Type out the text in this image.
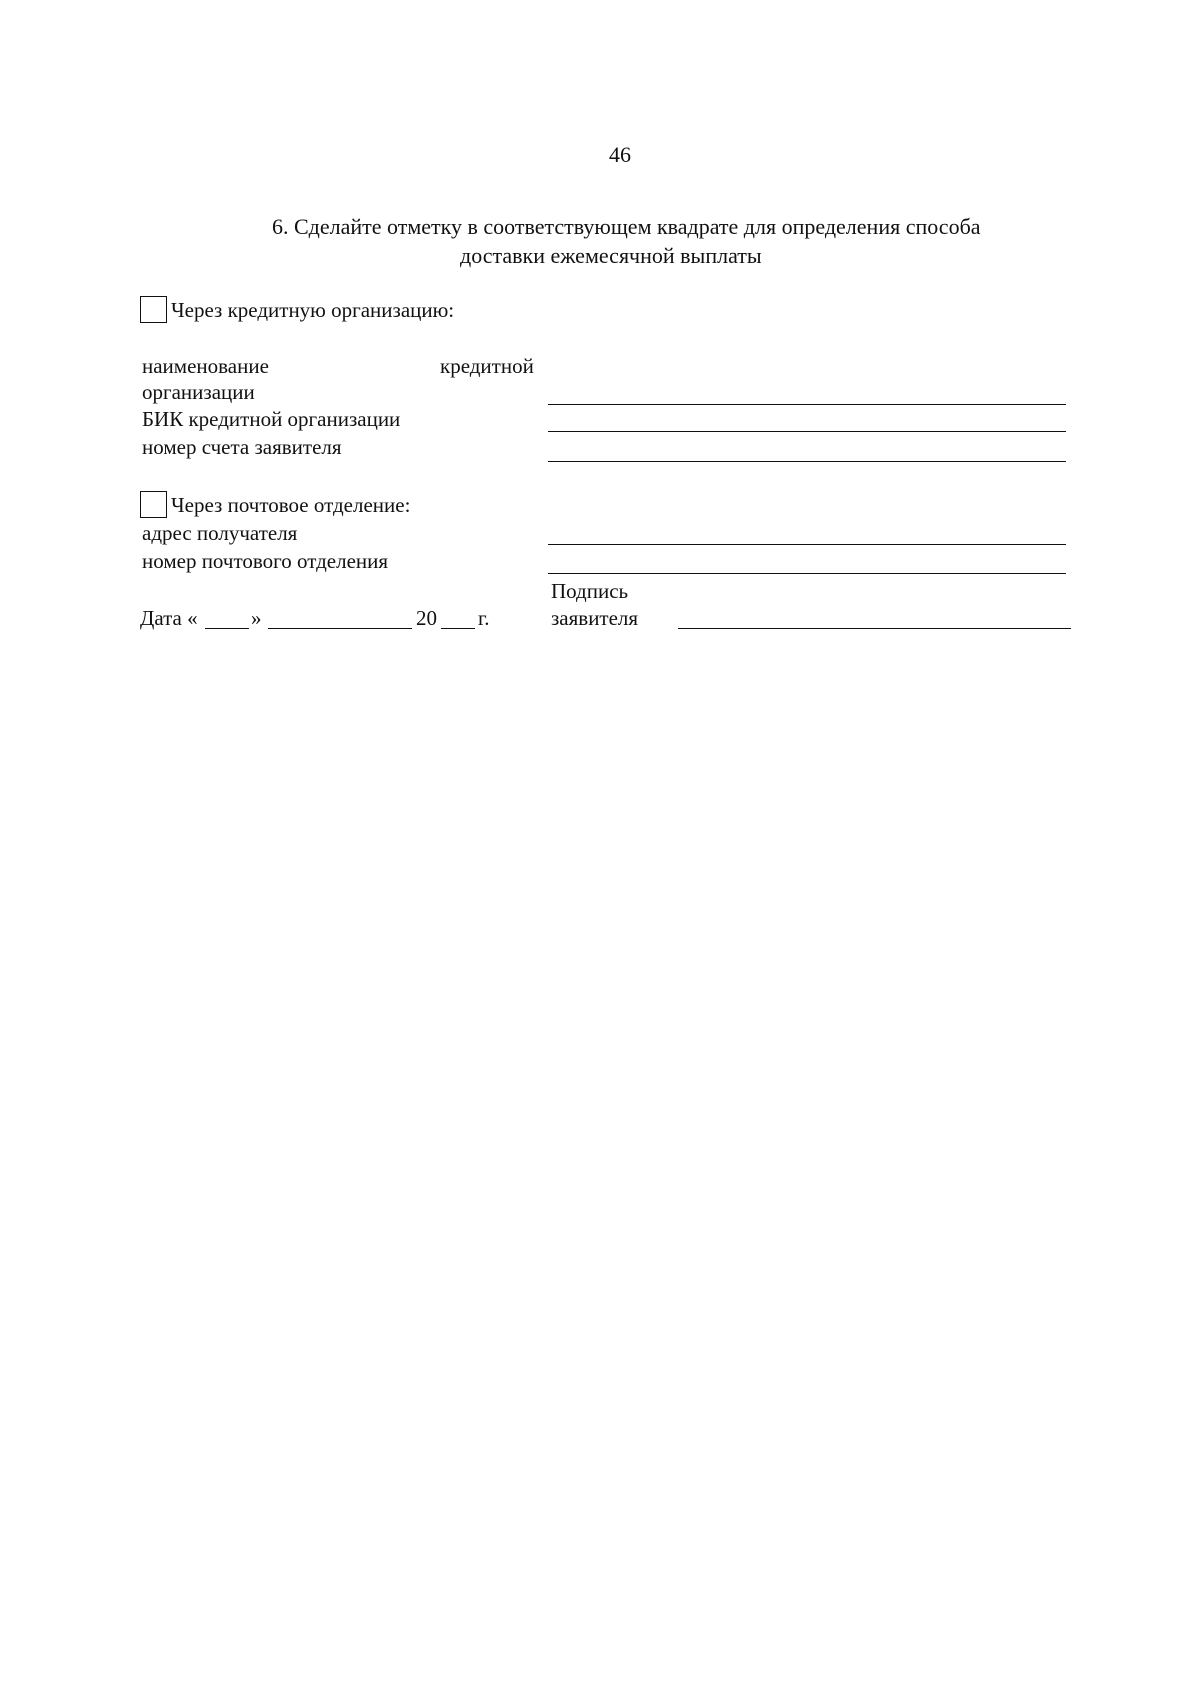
46
6. Сделайте отметку в соответствующем квадрате для определения способа
доставки ежемесячной выплаты
Через кредитную организацию:
наименование	кредитной
организации
БИК кредитной организации
номер счета заявителя
Через почтовое отделение:
адрес получателя
номер почтового отделения
Дата «	»	20 г.
Подпись
заявителя
